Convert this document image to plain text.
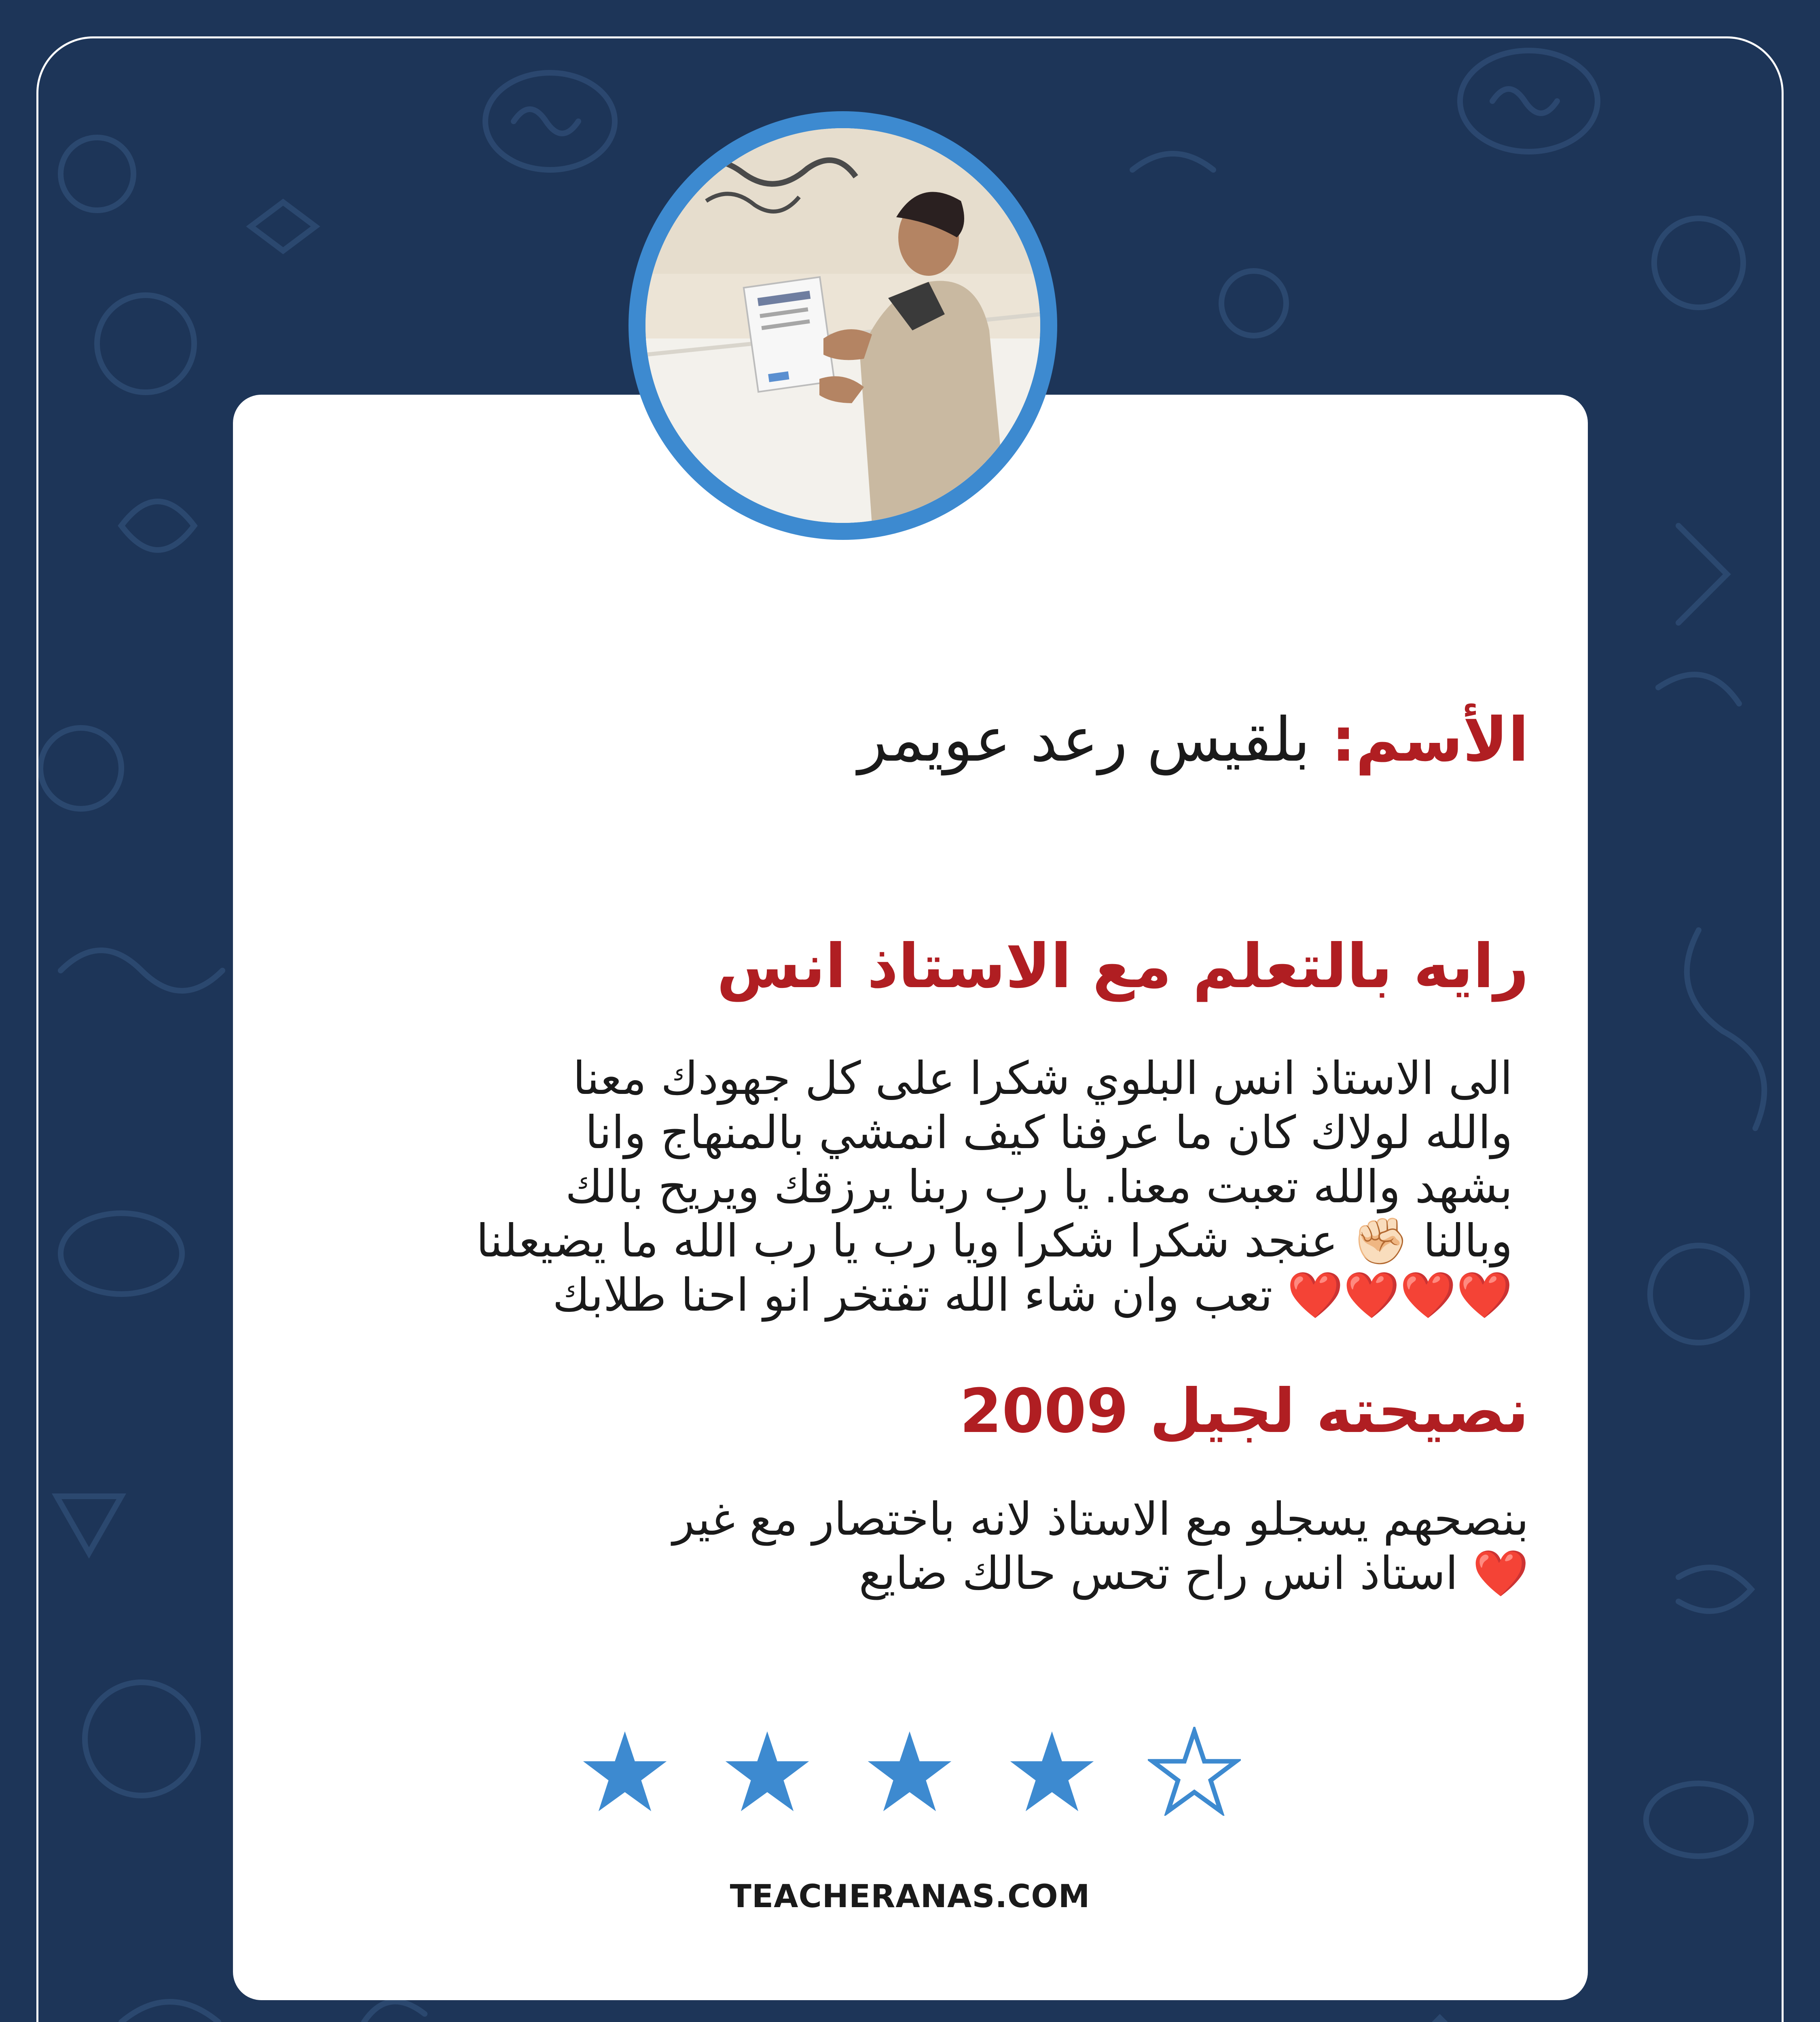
الأسم: بلقيس رعد عويمر
رايه بالتعلم مع الاستاذ انس
الى الاستاذ انس البلوي شكرا على كل جهودك معنا
والله لولاك كان ما عرفنا كيف انمشي بالمنهاج وانا
بشهد والله تعبت معنا. يا رب ربنا يرزقك ويريح بالك
وبالنا ✊🏻 عنجد شكرا شكرا ويا رب يا رب الله ما يضيعلنا
❤️❤️❤️❤️ تعب وان شاء الله تفتخر انو احنا طلابك
نصيحته لجيل 2009
بنصحهم يسجلو مع الاستاذ لانه باختصار مع غير
❤️ استاذ انس راح تحس حالك ضايع
TEACHERANAS.COM
